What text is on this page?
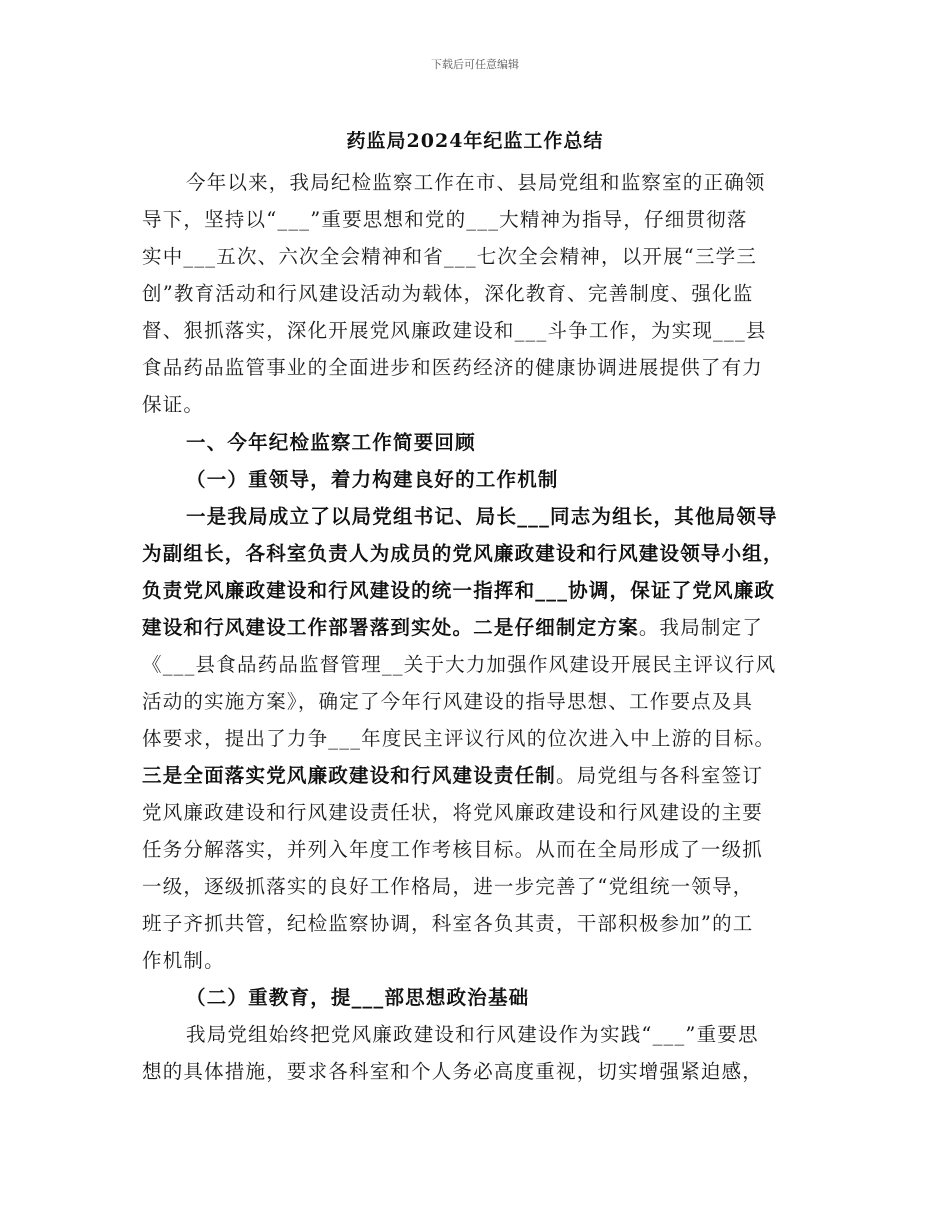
下载后可任意编辑
药监局2024年纪监工作总结
今年以来，我局纪检监察工作在市、县局党组和监察室的正确领
导下，坚持以“___”重要思想和党的___大精神为指导，仔细贯彻落
实中___五次、六次全会精神和省___七次全会精神，以开展“三学三
创”教育活动和行风建设活动为载体，深化教育、完善制度、强化监
督、狠抓落实，深化开展党风廉政建设和___斗争工作，为实现___县
食品药品监管事业的全面进步和医药经济的健康协调进展提供了有力
保证。
一、今年纪检监察工作简要回顾
（一）重领导，着力构建良好的工作机制
一是我局成立了以局党组书记、局长___同志为组长，其他局领导
为副组长，各科室负责人为成员的党风廉政建设和行风建设领导小组，
负责党风廉政建设和行风建设的统一指挥和___协调，保证了党风廉政
建设和行风建设工作部署落到实处。二是仔细制定方案。我局制定了
《___县食品药品监督管理__关于大力加强作风建设开展民主评议行风
活动的实施方案》，确定了今年行风建设的指导思想、工作要点及具
体要求，提出了力争___年度民主评议行风的位次进入中上游的目标。
三是全面落实党风廉政建设和行风建设责任制。局党组与各科室签订
党风廉政建设和行风建设责任状，将党风廉政建设和行风建设的主要
任务分解落实，并列入年度工作考核目标。从而在全局形成了一级抓
一级，逐级抓落实的良好工作格局，进一步完善了“党组统一领导，
班子齐抓共管，纪检监察协调，科室各负其责，干部积极参加”的工
作机制。
（二）重教育，提___部思想政治基础
我局党组始终把党风廉政建设和行风建设作为实践“___”重要思
想的具体措施，要求各科室和个人务必高度重视，切实增强紧迫感，
